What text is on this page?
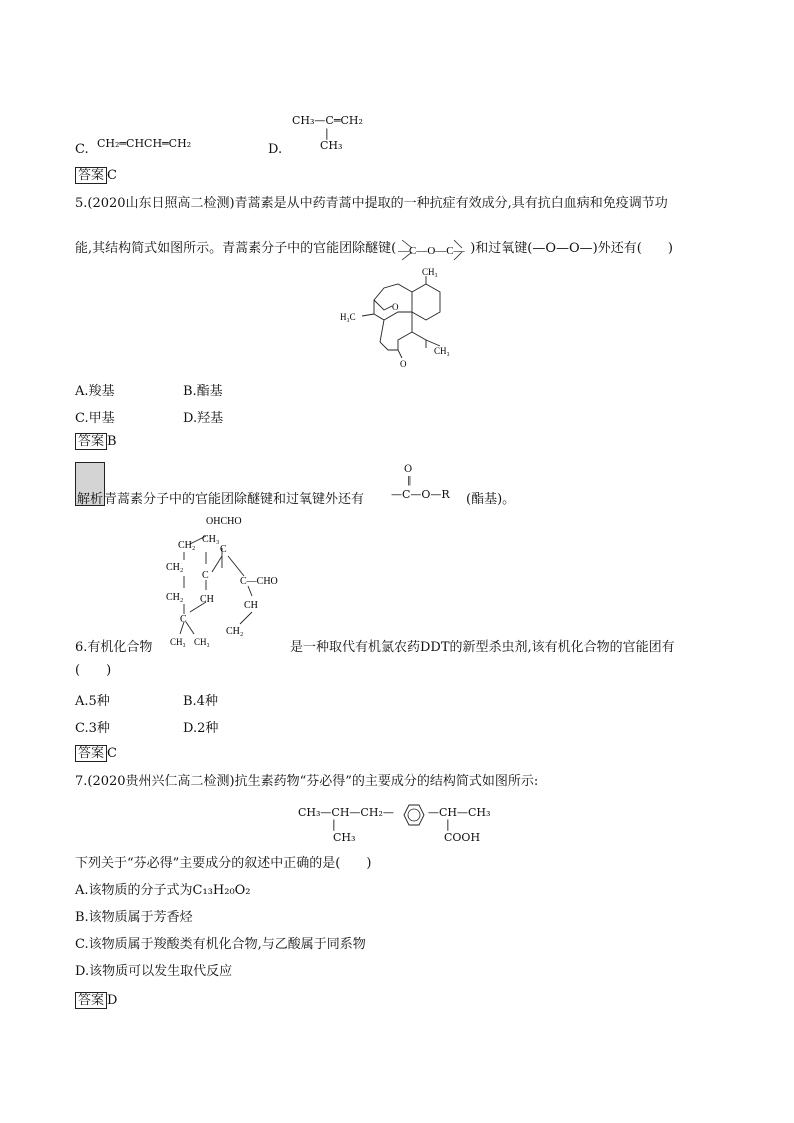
C. CH₂═CHCH═CH₂	D.
CH₃—C═CH₂
|
CH₃
答案 C
5.(2020山东日照高二检测)青蒿素是从中药青蒿中提取的一种抗症有效成分,具有抗白血病和免疫调节功
能,其结构简式如图所示。青蒿素分子中的官能团除醚键( —C—O—C— )和过氧键(—O—O—)外还有(　　)
CH₃
H₃C
CH₃
O
O
A.羧基	B.酯基
C.甲基	D.羟基
答案 B
解析 青蒿素分子中的官能团除醚键和过氧键外还有
O
‖
—C—O—R (酯基)。
OHCHO
CH₂
CH₃
C
CH₂
C
C—CHO
CH₂ CH
CH
C
CH₂
CH₃ CH₃
6.有机化合物	是一种取代有机氯农药DDT的新型杀虫剂,该有机化合物的官能团有
(　　)
A.5种	B.4种
C.3种	D.2种
答案 C
7.(2020贵州兴仁高二检测)抗生素药物“芬必得”的主要成分的结构简式如图所示:
CH₃—CH—CH₂—
|
CH₃
—CH—CH₃
|
COOH
下列关于“芬必得”主要成分的叙述中正确的是(　　)
A.该物质的分子式为C₁₃H₂₀O₂
B.该物质属于芳香烃
C.该物质属于羧酸类有机化合物,与乙酸属于同系物
D.该物质可以发生取代反应
答案 D
